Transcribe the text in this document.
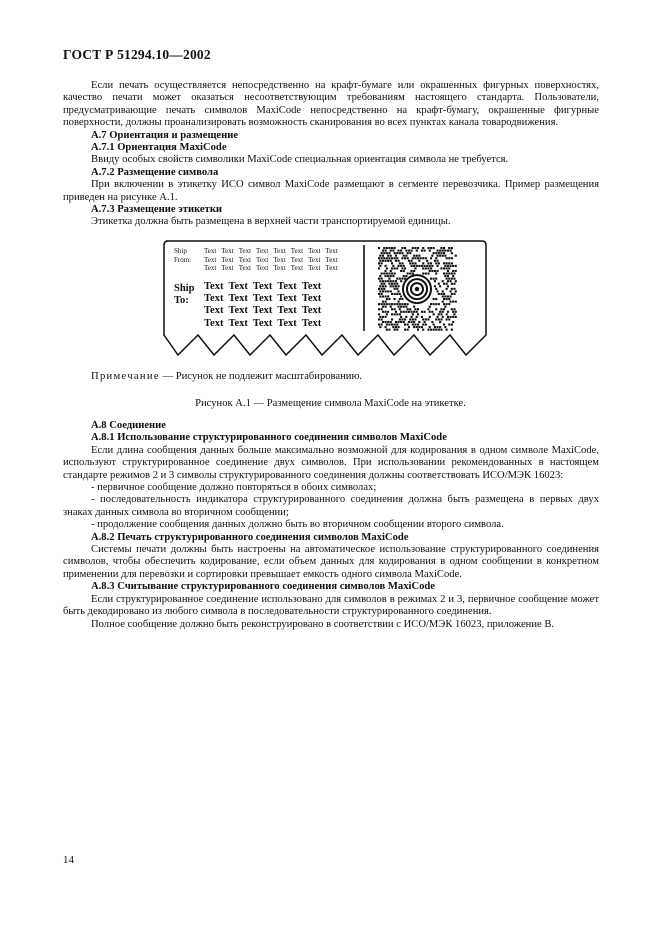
ГОСТ Р 51294.10—2002

Если печать осуществляется непосредственно на крафт-бумаге или окрашенных фигурных поверхностях, качество печати может оказаться несоответствующим требованиям настоящего стандарта. Пользователи, предусматривающие печать символов MaxiCode непосредственно на крафт-бумагу, окрашенные фигурные поверхности, должны проанализировать возможность сканирования во всех пунктах канала товародвижения.

А.7 Ориентация и размещение

А.7.1 Ориентация MaxiCode

Ввиду особых свойств символики MaxiCode специальная ориентация символа не требуется.

А.7.2 Размещение символа

При включении в этикетку ИСО символ MaxiCode размещают в сегменте перевозчика. Пример размещения приведен на рисунке А.1.

А.7.3 Размещение этикетки

Этикетка должна быть размещена в верхней части транспортируемой единицы.

Ship
From:
Text Text Text Text Text Text Text Text
Text Text Text Text Text Text Text Text
Text Text Text Text Text Text Text Text
Ship
To:
Text Text Text Text Text
Text Text Text Text Text
Text Text Text Text Text
Text Text Text Text Text
Примечание — Рисунок не подлежит масштабированию.
Рисунок А.1 — Размещение символа MaxiCode на этикетке.

А.8 Соединение

А.8.1 Использование структурированного соединения символов MaxiCode

Если длина сообщения данных больше максимально возможной для кодирования в одном символе MaxiCode, используют структурированное соединение двух символов. При использовании рекомендованных в настоящем стандарте режимов 2 и 3 символы структурированного соединения должны соответствовать ИСО/МЭК 16023:

- первичное сообщение должно повторяться в обоих символах;

- последовательность индикатора структурированного соединения должна быть размещена в первых двух знаках данных символа во вторичном сообщении;

- продолжение сообщения данных должно быть во вторичном сообщении второго символа.

А.8.2 Печать структурированного соединения символов MaxiCode

Системы печати должны быть настроены на автоматическое использование структурированного соединения символов, чтобы обеспечить кодирование, если объем данных для кодирования в одном сообщении в конкретном применении для перевозки и сортировки превышает емкость одного символа MaxiCode.

А.8.3 Считывание структурированного соединения символов MaxiCode

Если структурированное соединение использовано для символов в режимах 2 и 3, первичное сообщение может быть декодировано из любого символа в последовательности структурированного соединения.

Полное сообщение должно быть реконструировано в соответствии с ИСО/МЭК 16023, приложение В.

14
